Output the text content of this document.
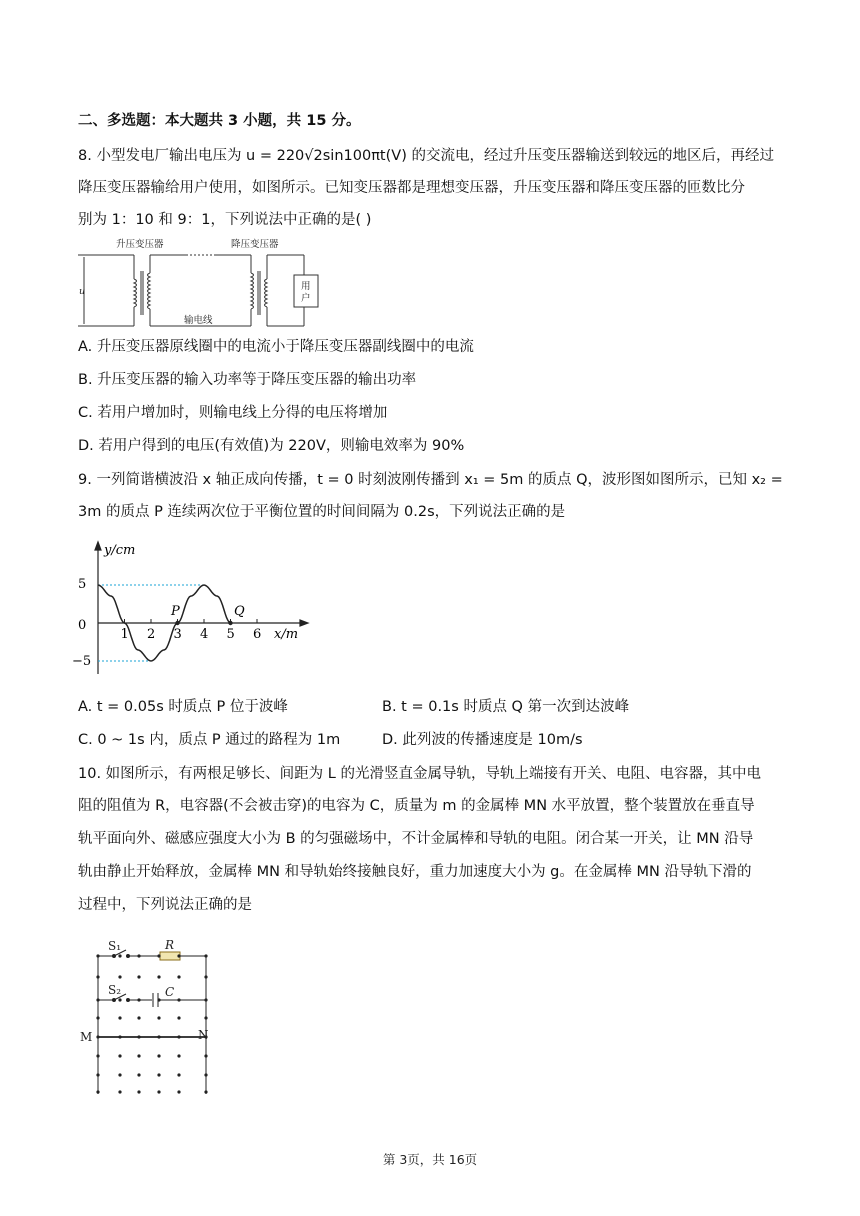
二、多选题：本大题共 3 小题，共 15 分。
8. 小型发电厂输出电压为 u = 220√2sin100πt(V) 的交流电，经过升压变压器输送到较远的地区后，再经过
降压变压器输给用户使用，如图所示。已知变压器都是理想变压器，升压变压器和降压变压器的匝数比分
别为 1：10 和 9：1，下列说法中正确的是( )
升压变压器	降压变压器
u
输电线
用
户
A. 升压变压器原线圈中的电流小于降压变压器副线圈中的电流
B. 升压变压器的输入功率等于降压变压器的输出功率
C. 若用户增加时，则输电线上分得的电压将增加
D. 若用户得到的电压(有效值)为 220V，则输电效率为 90%
9. 一列简谐横波沿 x 轴正成向传播，t = 0 时刻波刚传播到 x₁ = 5m 的质点 Q，波形图如图所示，已知 x₂ =
3m 的质点 P 连续两次位于平衡位置的时间间隔为 0.2s，下列说法正确的是
1 2 3 4 5 6
y/cm
x/m
5
0
−5
P	Q
A. t = 0.05s 时质点 P 位于波峰	B. t = 0.1s 时质点 Q 第一次到达波峰
C. 0 ~ 1s 内，质点 P 通过的路程为 1m	D. 此列波的传播速度是 10m/s
10. 如图所示，有两根足够长、间距为 L 的光滑竖直金属导轨，导轨上端接有开关、电阻、电容器，其中电
阻的阻值为 R，电容器(不会被击穿)的电容为 C，质量为 m 的金属棒 MN 水平放置，整个装置放在垂直导
轨平面向外、磁感应强度大小为 B 的匀强磁场中，不计金属棒和导轨的电阻。闭合某一开关，让 MN 沿导
轨由静止开始释放，金属棒 MN 和导轨始终接触良好，重力加速度大小为 g。在金属棒 MN 沿导轨下滑的
过程中，下列说法正确的是
S₁	R
S₂	C
M	N
第 3页，共 16页
